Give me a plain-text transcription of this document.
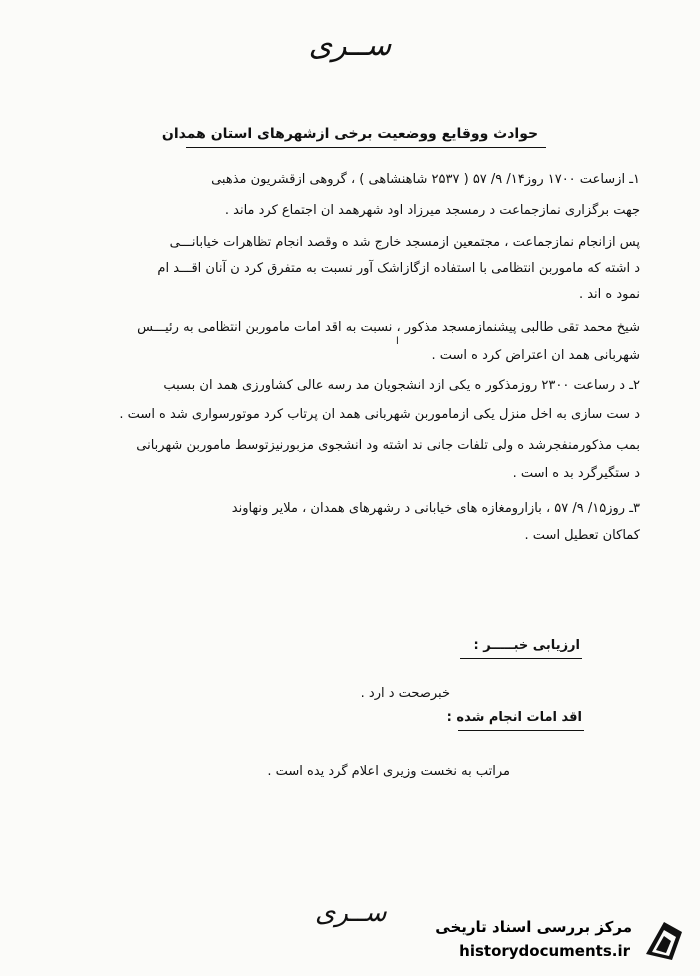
ســری
حوادث ووقایع ووضعیت برخی ازشهرهای استان همدان
۱ـ ازساعت ۱۷۰۰ روز۱۴/ ۹/ ۵۷ ( ۲۵۳۷ شاهنشاهی ) ، گروهی ازقشریون مذهبی
جهت برگزاری نمازجماعت د رمسجد میرزاد اود شهرهمد ان اجتماع کرد ماند .
پس ازانجام نمازجماعت ، مجتمعین ازمسجد خارج شد ه وقصد انجام تظاهرات خیابانـــی
د اشته که ماموربن انتظامی با استفاده ازگازاشک آور نسبت به متفرق کرد ن آنان اقـــد ام
نمود ه اند .
شیخ محمد تقی طالبی پیشنمازمسجد مذکور ، نسبت به اقد امات ماموربن انتظامی به رئیـــس
شهربانی همد ان اعتراض کرد ه است .
ا
۲ـ د رساعت ۲۳۰۰ روزمذکور ه یکی ازد انشجویان مد رسه عالی کشاورزی همد ان بسبب
د ست سازی به اخل منزل یکی ازماموربن شهربانی همد ان پرتاب کرد موتورسواری شد ه است .
بمب مذکورمنفجرشد ه ولی تلفات جانی ند اشته ود انشجوی مزبورنیزتوسط ماموربن شهربانی
د ستگیرگرد بد ه است .
۳ـ روز۱۵/ ۹/ ۵۷ ، بازارومغازه های خیابانی د رشهرهای همدان ، ملایر ونهاوند
کماکان تعطیل است .
ارزیابی خبـــــر :
خبرصحت د ارد .
اقد امات انجام شده :
مراتب به نخست وزیری اعلام گرد یده است .
ســری	مرکز بررسی اسناد تاریخی
historydocuments.ir
